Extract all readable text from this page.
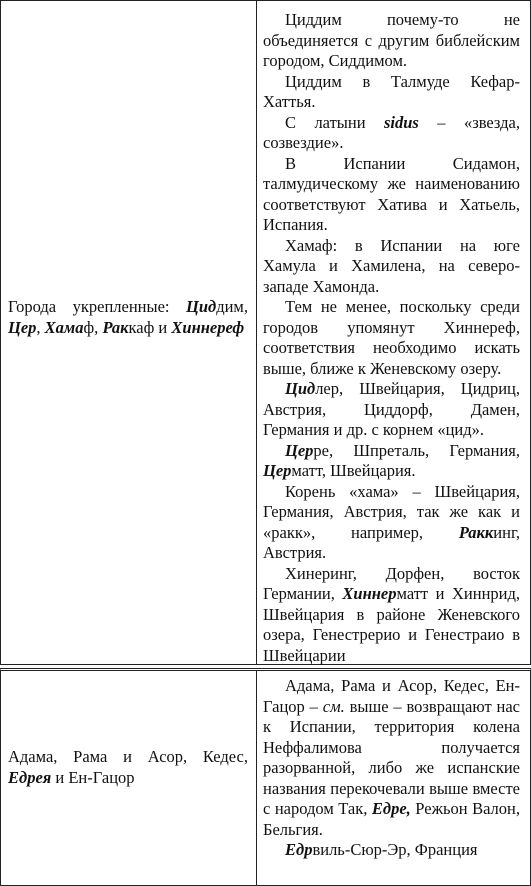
Города укрепленные: Циддим, Цер, Хамаф, Раккаф и Хиннереф
Циддим почему-то не объединяется с другим библейским городом, Сиддимом.
Циддим в Талмуде Кефар-Хаттья.
С латыни sidus – «звезда, созвездие».
В Испании Сидамон, талмудическому же наименованию соответствуют Хатива и Хатьель, Испания.
Хамаф: в Испании на юге Хамула и Хамилена, на северо-западе Хамонда.
Тем не менее, поскольку среди городов упомянут Хиннереф, соответствия необходимо искать выше, ближе к Женевскому озеру.
Цидлер, Швейцария, Цидриц, Австрия, Циддорф, Дамен, Германия и др. с корнем «цид».
Церре, Шпреталь, Германия, Церматт, Швейцария.
Корень «хама» – Швейцария, Германия, Австрия, так же как и «ракк», например, Раккинг, Австрия.
Хинеринг, Дорфен, восток Германии, Хиннерматт и Хиннрид, Швейцария в районе Женевского озера, Генестрерио и Генестраио в Швейцарии
Адама, Рама и Асор, Кедес, Едрея и Ен-Гацор
Адама, Рама и Асор, Кедес, Ен-Гацор – см. выше – возвращают нас к Испании, территория колена Неффалимова получается разорванной, либо же испанские названия перекочевали выше вместе с народом Так, Едре, Режьон Валон, Бельгия.
Едрвиль-Сюр-Эр, Франция
